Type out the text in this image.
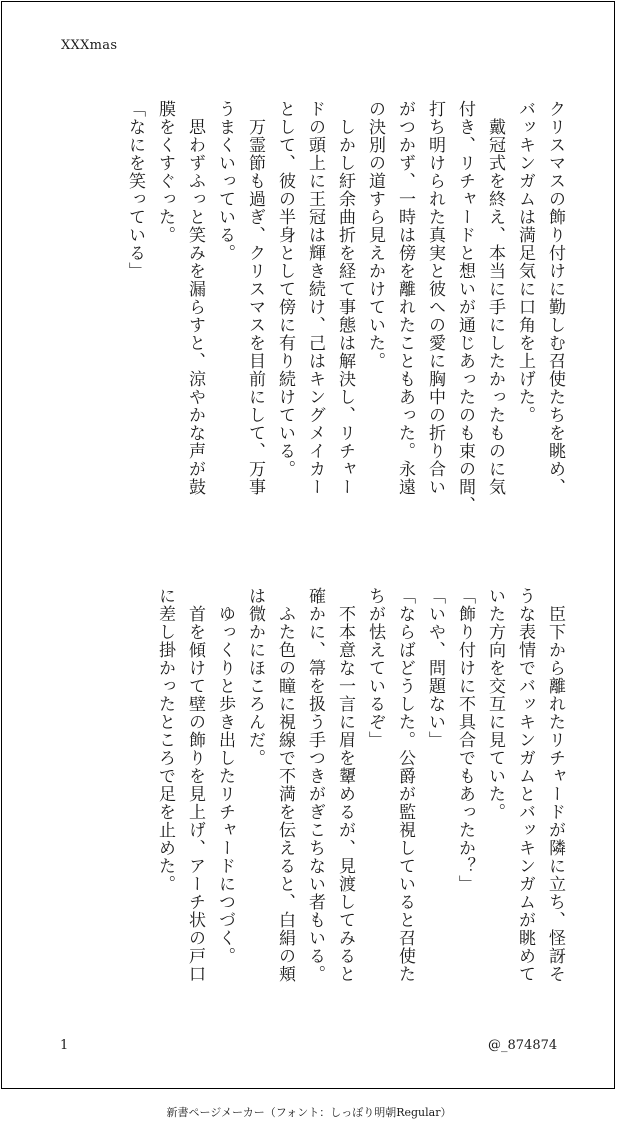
XXXmas
クリスマスの飾り付けに勤しむ召使たちを眺め、
バッキンガムは満足気に口角を上げた。
　戴冠式を終え、本当に手にしたかったものに気
付き、リチャードと想いが通じあったのも束の間、
打ち明けられた真実と彼への愛に胸中の折り合い
がつかず、一時は傍を離れたこともあった。永遠
の決別の道すら見えかけていた。
　しかし紆余曲折を経て事態は解決し、リチャー
ドの頭上に王冠は輝き続け、己はキングメイカー
として、彼の半身として傍に有り続けている。
　万霊節も過ぎ、クリスマスを目前にして、万事
うまくいっている。
　思わずふっと笑みを漏らすと、涼やかな声が鼓
膜をくすぐった。
「なにを笑っている」
　臣下から離れたリチャードが隣に立ち、怪訝そ
うな表情でバッキンガムとバッキンガムが眺めて
いた方向を交互に見ていた。
「飾り付けに不具合でもあったか？」
「いや、問題ない」
「ならばどうした。公爵が監視していると召使た
ちが怯えているぞ」
　不本意な一言に眉を顰めるが、見渡してみると
確かに、箒を扱う手つきがぎこちない者もいる。
　ふた色の瞳に視線で不満を伝えると、白絹の頬
は微かにほころんだ。
　ゆっくりと歩き出したリチャードにつづく。
　首を傾けて壁の飾りを見上げ、アーチ状の戸口
に差し掛かったところで足を止めた。
1	@_874874
新書ページメーカー（フォント：しっぽり明朝Regular）
